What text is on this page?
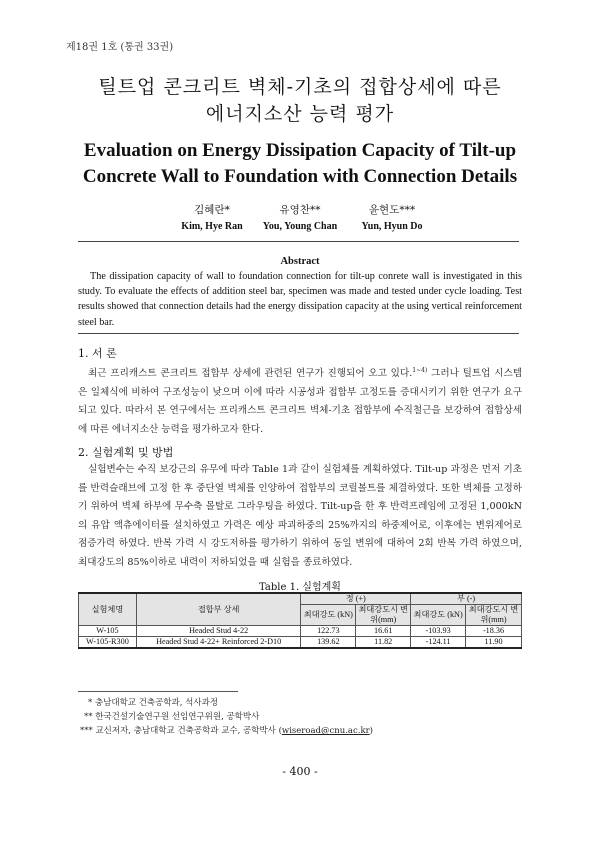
제18권 1호 (통권 33권)
틸트업 콘크리트 벽체-기초의 접합상세에 따른
에너지소산 능력 평가
Evaluation on Energy Dissipation Capacity of Tilt-up
Concrete Wall to Foundation with Connection Details
김혜란*
Kim, Hye Ran
유영찬**
You, Young Chan
윤현도***
Yun, Hyun Do
Abstract
The dissipation capacity of wall to foundation connection for tilt-up conrete wall is investigated in this study. To evaluate the effects of addition steel bar, specimen was made and tested under cycle loading. Test results showed that connection details had the energy dissipation capacity at the using vertical reinforcement steel bar.
1. 서 론
최근 프리캐스트 콘크리트 접합부 상세에 관련된 연구가 진행되어 오고 있다.$^{1\sim 4)}$ 그러나 틸트업 시스템은 일체식에 비하여 구조성능이 낮으며 이에 따라 시공성과 접합부 고정도를 증대시키기 위한 연구가 요구되고 있다. 따라서 본 연구에서는 프리캐스트 콘크리트 벽체-기초 접합부에 수직철근을 보강하여 접합상세에 따른 에너지소산 능력을 평가하고자 한다.
2. 실험계획 및 방법
실험변수는 수직 보강근의 유무에 따라 Table 1과 같이 실험체를 계획하였다. Tilt-up 과정은 먼저 기초를 반력슬래브에 고정 한 후 중단열 벽체를 인양하여 접합부의 코릴볼트를 체결하였다. 또한 벽체를 고정하기 위하여 벽체 하부에 무수축 몰탈로 그라우팅을 하였다. Tilt-up을 한 후 반력프레임에 고정된 1,000kN의 유압 액츄에이터를 설치하였고 가력은 예상 파괴하중의 25%까지의 하중제어로, 이후에는 변위제어로 점증가력 하였다. 반복 가력 시 강도저하를 평가하기 위하여 동일 변위에 대하여 2회 반복 가력 하였으며, 최대강도의 85%이하로 내력이 저하되었을 때 실험을 종료하였다.
Table 1. 실험계획
실험체명	접합부 상세	정 (+)		부 (-)	
		최대강도 (kN)	최대강도시 변위(mm)	최대강도 (kN)	최대강도시 변위(mm)
W-105	Headed Stud 4-22	122.73	16.61	-103.93	-18.36
W-105-R300	Headed Stud 4-22+ Reinforced 2-D10	139.62	11.82	-124.11	11.90
* 충남대학교 건축공학과, 석사과정
** 한국건설기술연구원 선임연구위원, 공학박사
*** 교신저자, 충남대학교 건축공학과 교수, 공학박사 (wiseroad@cnu.ac.kr)
- 400 -
